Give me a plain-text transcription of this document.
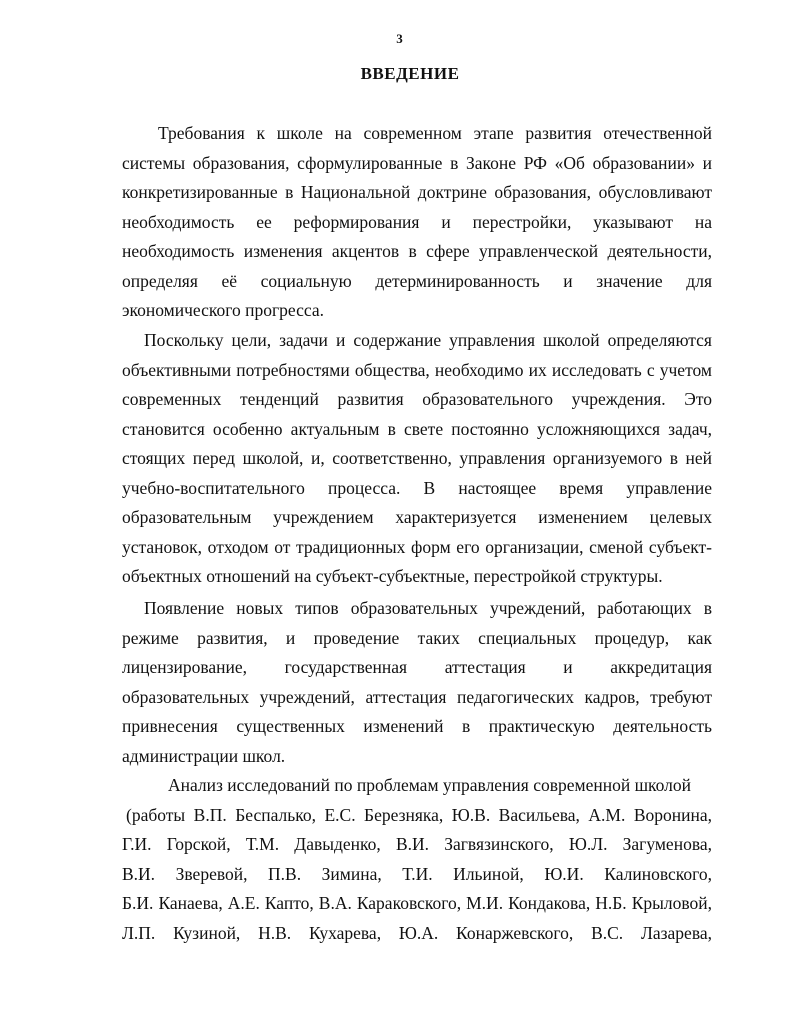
3
ВВЕДЕНИЕ
Требования к школе на современном этапе развития отечественной
системы образования, сформулированные в Законе РФ «Об образовании» и
конкретизированные в Национальной доктрине образования, обусловливают
необходимость ее реформирования и перестройки, указывают на
необходимость изменения акцентов в сфере управленческой деятельности,
определяя её социальную детерминированность и значение для
экономического прогресса.
Поскольку цели, задачи и содержание управления школой определяются
объективными потребностями общества, необходимо их исследовать с учетом
современных тенденций развития образовательного учреждения. Это
становится особенно актуальным в свете постоянно усложняющихся задач,
стоящих перед школой, и, соответственно, управления организуемого в ней
учебно-воспитательного процесса. В настоящее время управление
образовательным учреждением характеризуется изменением целевых
установок, отходом от традиционных форм его организации, сменой субъект-
объектных отношений на субъект-субъектные, перестройкой структуры.
Появление новых типов образовательных учреждений, работающих в
режиме развития, и проведение таких специальных процедур, как
лицензирование, государственная аттестация и аккредитация
образовательных учреждений, аттестация педагогических кадров, требуют
привнесения существенных изменений в практическую деятельность
администрации школ.
Анализ исследований по проблемам управления современной школой
(работы В.П. Беспалько, Е.С. Березняка, Ю.В. Васильева, А.М. Воронина,
Г.И. Горской, Т.М. Давыденко, В.И. Загвязинского, Ю.Л. Загуменова,
В.И. Зверевой, П.В. Зимина, Т.И. Ильиной, Ю.И. Калиновского,
Б.И. Канаева, А.Е. Капто, В.А. Караковского, М.И. Кондакова, Н.Б. Крыловой,
Л.П. Кузиной, Н.В. Кухарева, Ю.А. Конаржевского, В.С. Лазарева,
